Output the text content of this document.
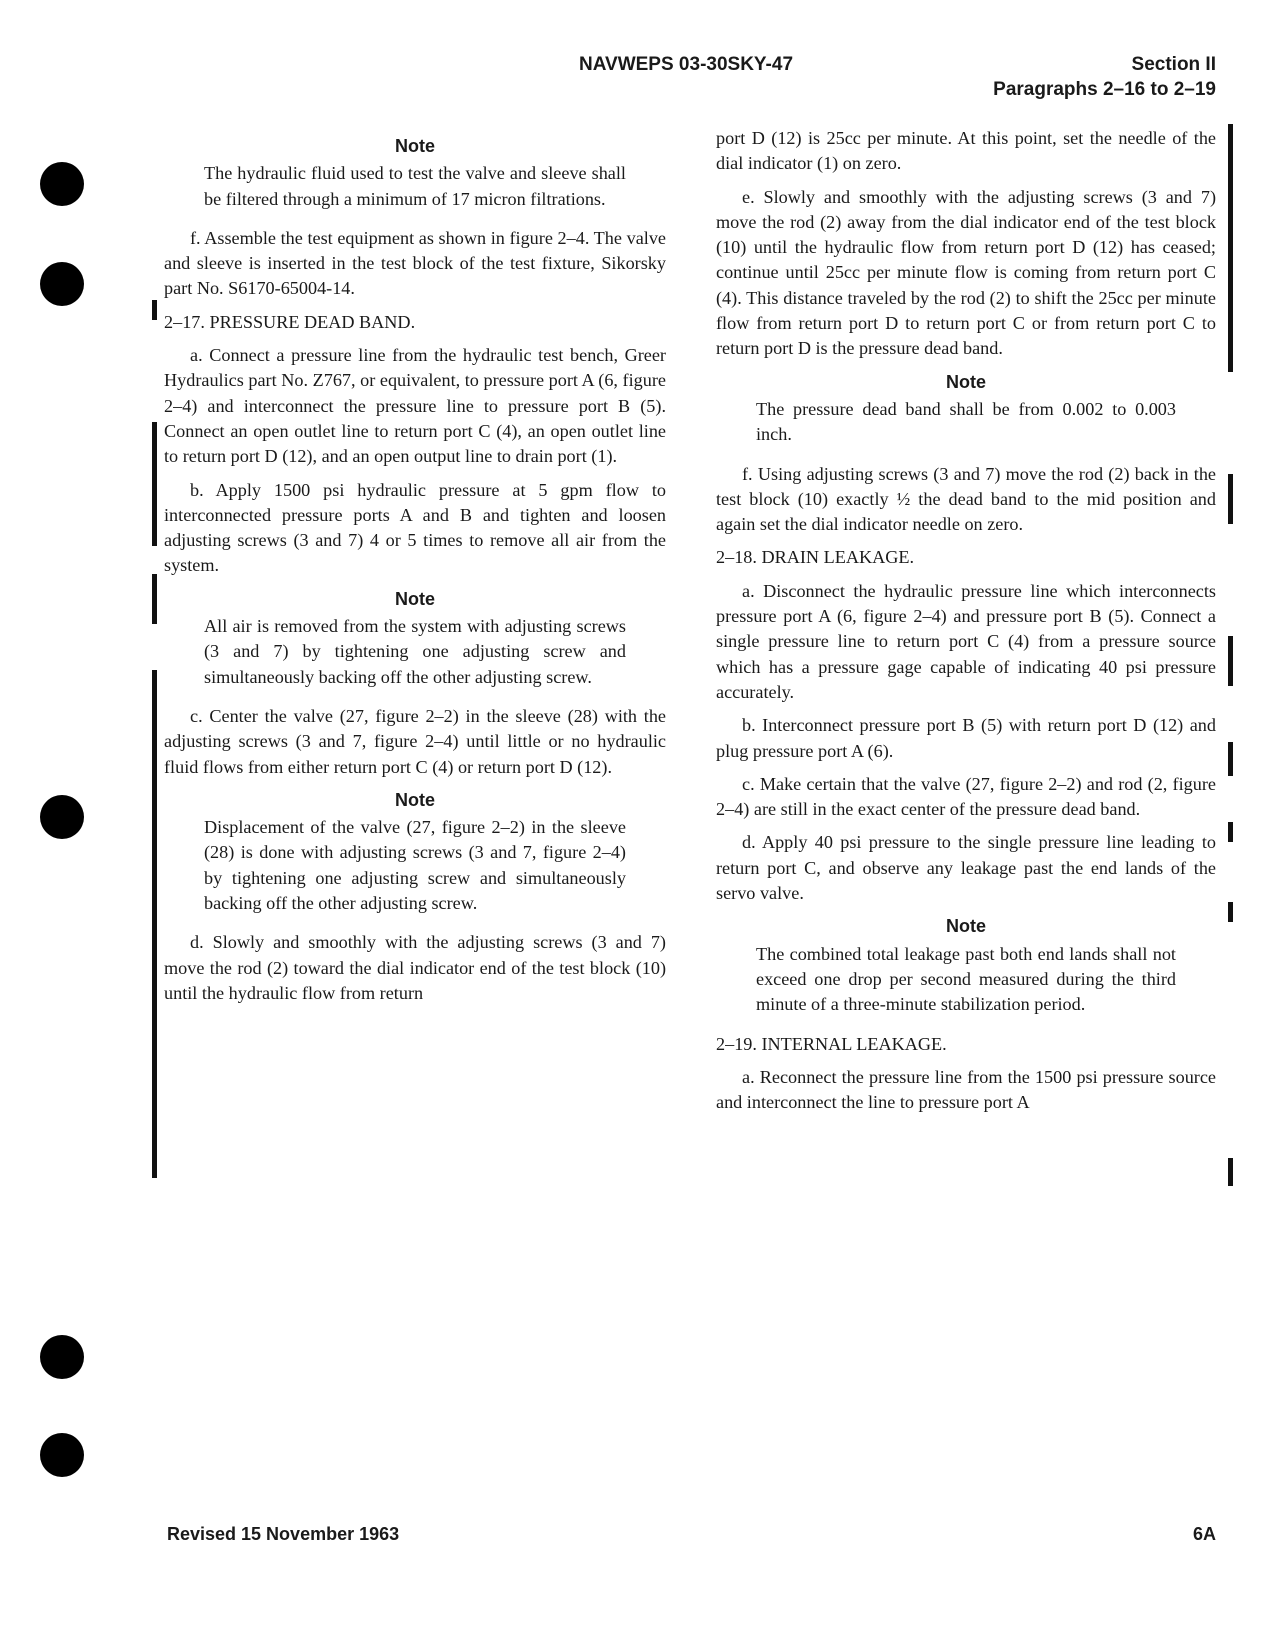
NAVWEPS 03-30SKY-47	Section II
Paragraphs 2–16 to 2–19
Note

The hydraulic fluid used to test the valve and sleeve shall be filtered through a minimum of 17 micron filtrations.

f. Assemble the test equipment as shown in figure 2–4. The valve and sleeve is inserted in the test block of the test fixture, Sikorsky part No. S6170-65004-14.

2–17. PRESSURE DEAD BAND.

a. Connect a pressure line from the hydraulic test bench, Greer Hydraulics part No. Z767, or equivalent, to pressure port A (6, figure 2–4) and interconnect the pressure line to pressure port B (5). Connect an open outlet line to return port C (4), an open outlet line to return port D (12), and an open output line to drain port (1).

b. Apply 1500 psi hydraulic pressure at 5 gpm flow to interconnected pressure ports A and B and tighten and loosen adjusting screws (3 and 7) 4 or 5 times to remove all air from the system.

Note

All air is removed from the system with adjusting screws (3 and 7) by tightening one adjusting screw and simultaneously backing off the other adjusting screw.

c. Center the valve (27, figure 2–2) in the sleeve (28) with the adjusting screws (3 and 7, figure 2–4) until little or no hydraulic fluid flows from either return port C (4) or return port D (12).

Note

Displacement of the valve (27, figure 2–2) in the sleeve (28) is done with adjusting screws (3 and 7, figure 2–4) by tightening one adjusting screw and simultaneously backing off the other adjusting screw.

d. Slowly and smoothly with the adjusting screws (3 and 7) move the rod (2) toward the dial indicator end of the test block (10) until the hydraulic flow from return

port D (12) is 25cc per minute. At this point, set the needle of the dial indicator (1) on zero.

e. Slowly and smoothly with the adjusting screws (3 and 7) move the rod (2) away from the dial indicator end of the test block (10) until the hydraulic flow from return port D (12) has ceased; continue until 25cc per minute flow is coming from return port C (4). This distance traveled by the rod (2) to shift the 25cc per minute flow from return port D to return port C or from return port C to return port D is the pressure dead band.

Note

The pressure dead band shall be from 0.002 to 0.003 inch.

f. Using adjusting screws (3 and 7) move the rod (2) back in the test block (10) exactly ½ the dead band to the mid position and again set the dial indicator needle on zero.

2–18. DRAIN LEAKAGE.

a. Disconnect the hydraulic pressure line which interconnects pressure port A (6, figure 2–4) and pressure port B (5). Connect a single pressure line to return port C (4) from a pressure source which has a pressure gage capable of indicating 40 psi pressure accurately.

b. Interconnect pressure port B (5) with return port D (12) and plug pressure port A (6).

c. Make certain that the valve (27, figure 2–2) and rod (2, figure 2–4) are still in the exact center of the pressure dead band.

d. Apply 40 psi pressure to the single pressure line leading to return port C, and observe any leakage past the end lands of the servo valve.

Note

The combined total leakage past both end lands shall not exceed one drop per second measured during the third minute of a three-minute stabilization period.

2–19. INTERNAL LEAKAGE.

a. Reconnect the pressure line from the 1500 psi pressure source and interconnect the line to pressure port A

Revised 15 November 1963	6A
